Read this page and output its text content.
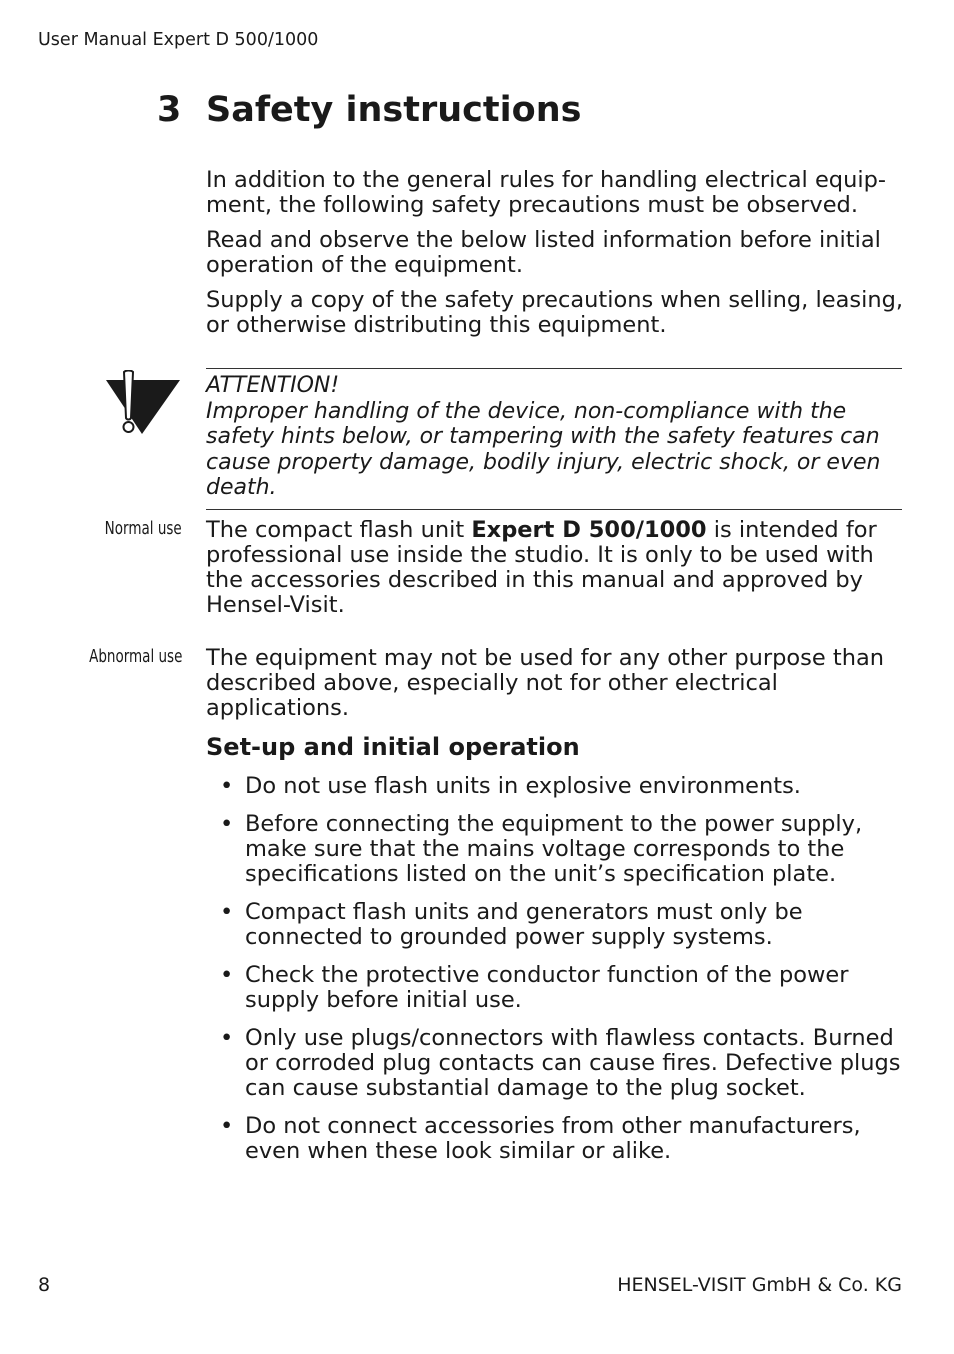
User Manual Expert D 500/1000
3 Safety instructions

In addition to the general rules for handling electrical equip-ment, the following safety precautions must be observed.

Read and observe the below listed information before initial operation of the equipment.

Supply a copy of the safety precautions when selling, leasing, or otherwise distributing this equipment.

ATTENTION!

Improper handling of the device, non-compliance with the safety hints below, or tampering with the safety features can cause property damage, bodily injury, electric shock, or even death.

Normal use The compact flash unit Expert D 500/1000 is intended for professional use inside the studio. It is only to be used with the accessories described in this manual and approved by Hensel-Visit.

Abnormal use The equipment may not be used for any other purpose than described above, especially not for other electrical applications.

Set-up and initial operation
• Do not use flash units in explosive environments.
• Before connecting the equipment to the power supply, make sure that the mains voltage corresponds to the specifications listed on the unit’s specification plate.
• Compact flash units and generators must only be connected to grounded power supply systems.
• Check the protective conductor function of the power supply before initial use.
• Only use plugs/connectors with flawless contacts. Burned or corroded plug contacts can cause fires. Defective plugs can cause substantial damage to the plug socket.
• Do not connect accessories from other manufacturers, even when these look similar or alike.
8	HENSEL-VISIT GmbH & Co. KG
